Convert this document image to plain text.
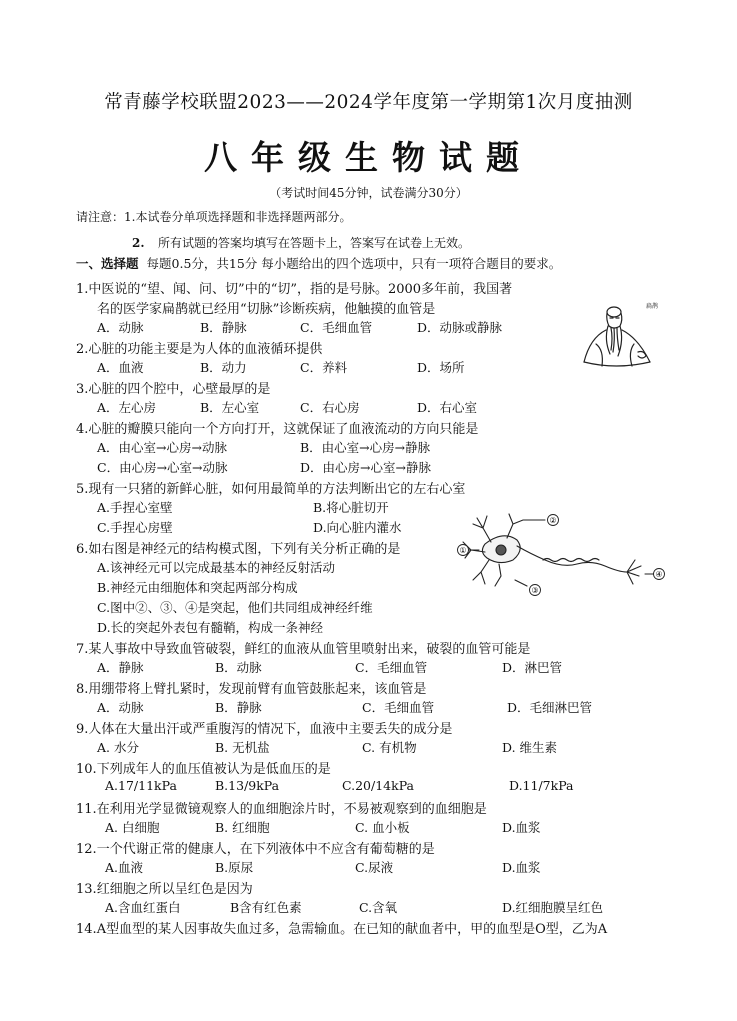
常青藤学校联盟2023——2024学年度第一学期第1次月度抽测
八年级生物试题
（考试时间45分钟，试卷满分30分）
请注意：1.本试卷分单项选择题和非选择题两部分。
2. 所有试题的答案均填写在答题卡上，答案写在试卷上无效。
一、选择题 每题0.5分，共15分 每小题给出的四个选项中，只有一项符合题目的要求。
1.中医说的“望、闻、问、切”中的“切”，指的是号脉。2000多年前，我国著
名的医学家扁鹊就已经用“切脉”诊断疾病，他触摸的血管是
A．动脉	B．静脉	C．毛细血管	D．动脉或静脉
2.心脏的功能主要是为人体的血液循环提供
A．血液	B．动力	C．养料	D．场所
3.心脏的四个腔中，心壁最厚的是
A．左心房	B．左心室	C．右心房	D．右心室
4.心脏的瓣膜只能向一个方向打开，这就保证了血液流动的方向只能是
A．由心室→心房→动脉	B．由心室→心房→静脉
C．由心房→心室→动脉	D．由心房→心室→静脉
5.现有一只猪的新鲜心脏，如何用最简单的方法判断出它的左右心室
A.手捏心室壁	B.将心脏切开
C.手捏心房壁	D.向心脏内灌水
6.如右图是神经元的结构模式图，下列有关分析正确的是
A.该神经元可以完成最基本的神经反射活动
B.神经元由细胞体和突起两部分构成
C.图中②、③、④是突起，他们共同组成神经纤维
D.长的突起外表包有髓鞘，构成一条神经
7.某人事故中导致血管破裂，鲜红的血液从血管里喷射出来，破裂的血管可能是
A．静脉	B．动脉	C．毛细血管	D．淋巴管
8.用绷带将上臂扎紧时，发现前臂有血管鼓胀起来，该血管是
A．动脉	B．静脉	C．毛细血管	D．毛细淋巴管
9.人体在大量出汗或严重腹泻的情况下，血液中主要丢失的成分是
A. 水分	B. 无机盐	C. 有机物	D. 维生素
10.下列成年人的血压值被认为是低血压的是
A.17/11kPa	B.13/9kPa	C.20/14kPa	D.11/7kPa
11.在利用光学显微镜观察人的血细胞涂片时，不易被观察到的血细胞是
A. 白细胞	B. 红细胞	C. 血小板	D.血浆
12.一个代谢正常的健康人，在下列液体中不应含有葡萄糖的是
A.血液	B.原尿	C.尿液	D.血浆
13.红细胞之所以呈红色是因为
A.含血红蛋白	B含有红色素	C.含氧	D.红细胞膜呈红色
14.A型血型的某人因事故失血过多，急需输血。在已知的献血者中，甲的血型是O型，乙为A
扁鹊
①
②
③
④
